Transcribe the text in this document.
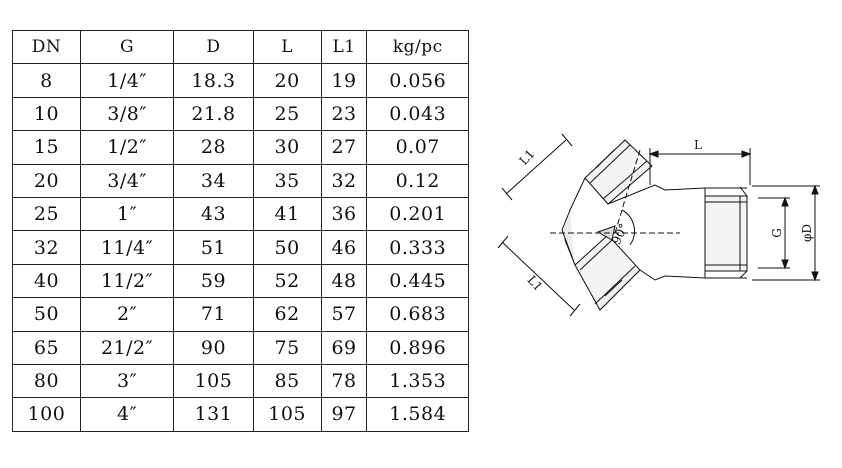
DN	G	D	L	L1	kg/pc
8	1/4″	18.3	20	19	0.056
10	3/8″	21.8	25	23	0.043
15	1/2″	28	30	27	0.07
20	3/4″	34	35	32	0.12
25	1″	43	41	36	0.201
32	11/4″	51	50	46	0.333
40	11/2″	59	52	48	0.445
50	2″	71	62	57	0.683
65	21/2″	90	75	69	0.896
80	3″	105	85	78	1.353
100	4″	131	105	97	1.584
L
G φD
L1
L1
90°
